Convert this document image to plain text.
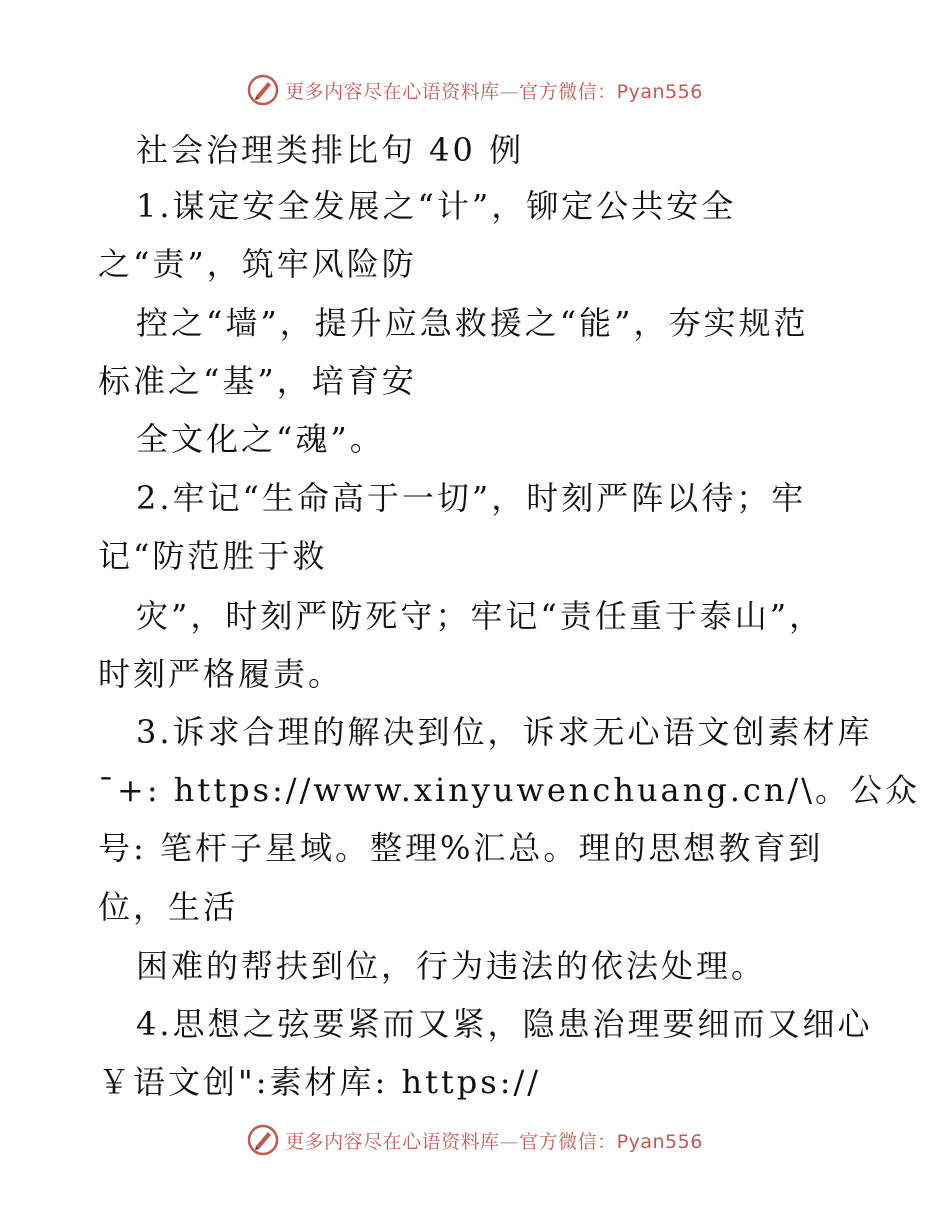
更多内容尽在心语资料库—官方微信：Pyan556
社会治理类排比句 40 例
1.谋定安全发展之“计”，铆定公共安全
之“责”，筑牢风险防
控之“墙”，提升应急救援之“能”，夯实规范
标准之“基”，培育安
全文化之“魂”。
2.牢记“生命高于一切”，时刻严阵以待；牢
记“防范胜于救
灾”，时刻严防死守；牢记“责任重于泰山”，
时刻严格履责。
3.诉求合理的解决到位，诉求无心语文创素材库
¯+: https://www.xinyuwenchuang.cn/\。公众
号: 笔杆子星域。整理%汇总。理的思想教育到
位，生活
困难的帮扶到位，行为违法的依法处理。
4.思想之弦要紧而又紧，隐患治理要细而又细心
￥语文创":素材库: https://
更多内容尽在心语资料库—官方微信：Pyan556
